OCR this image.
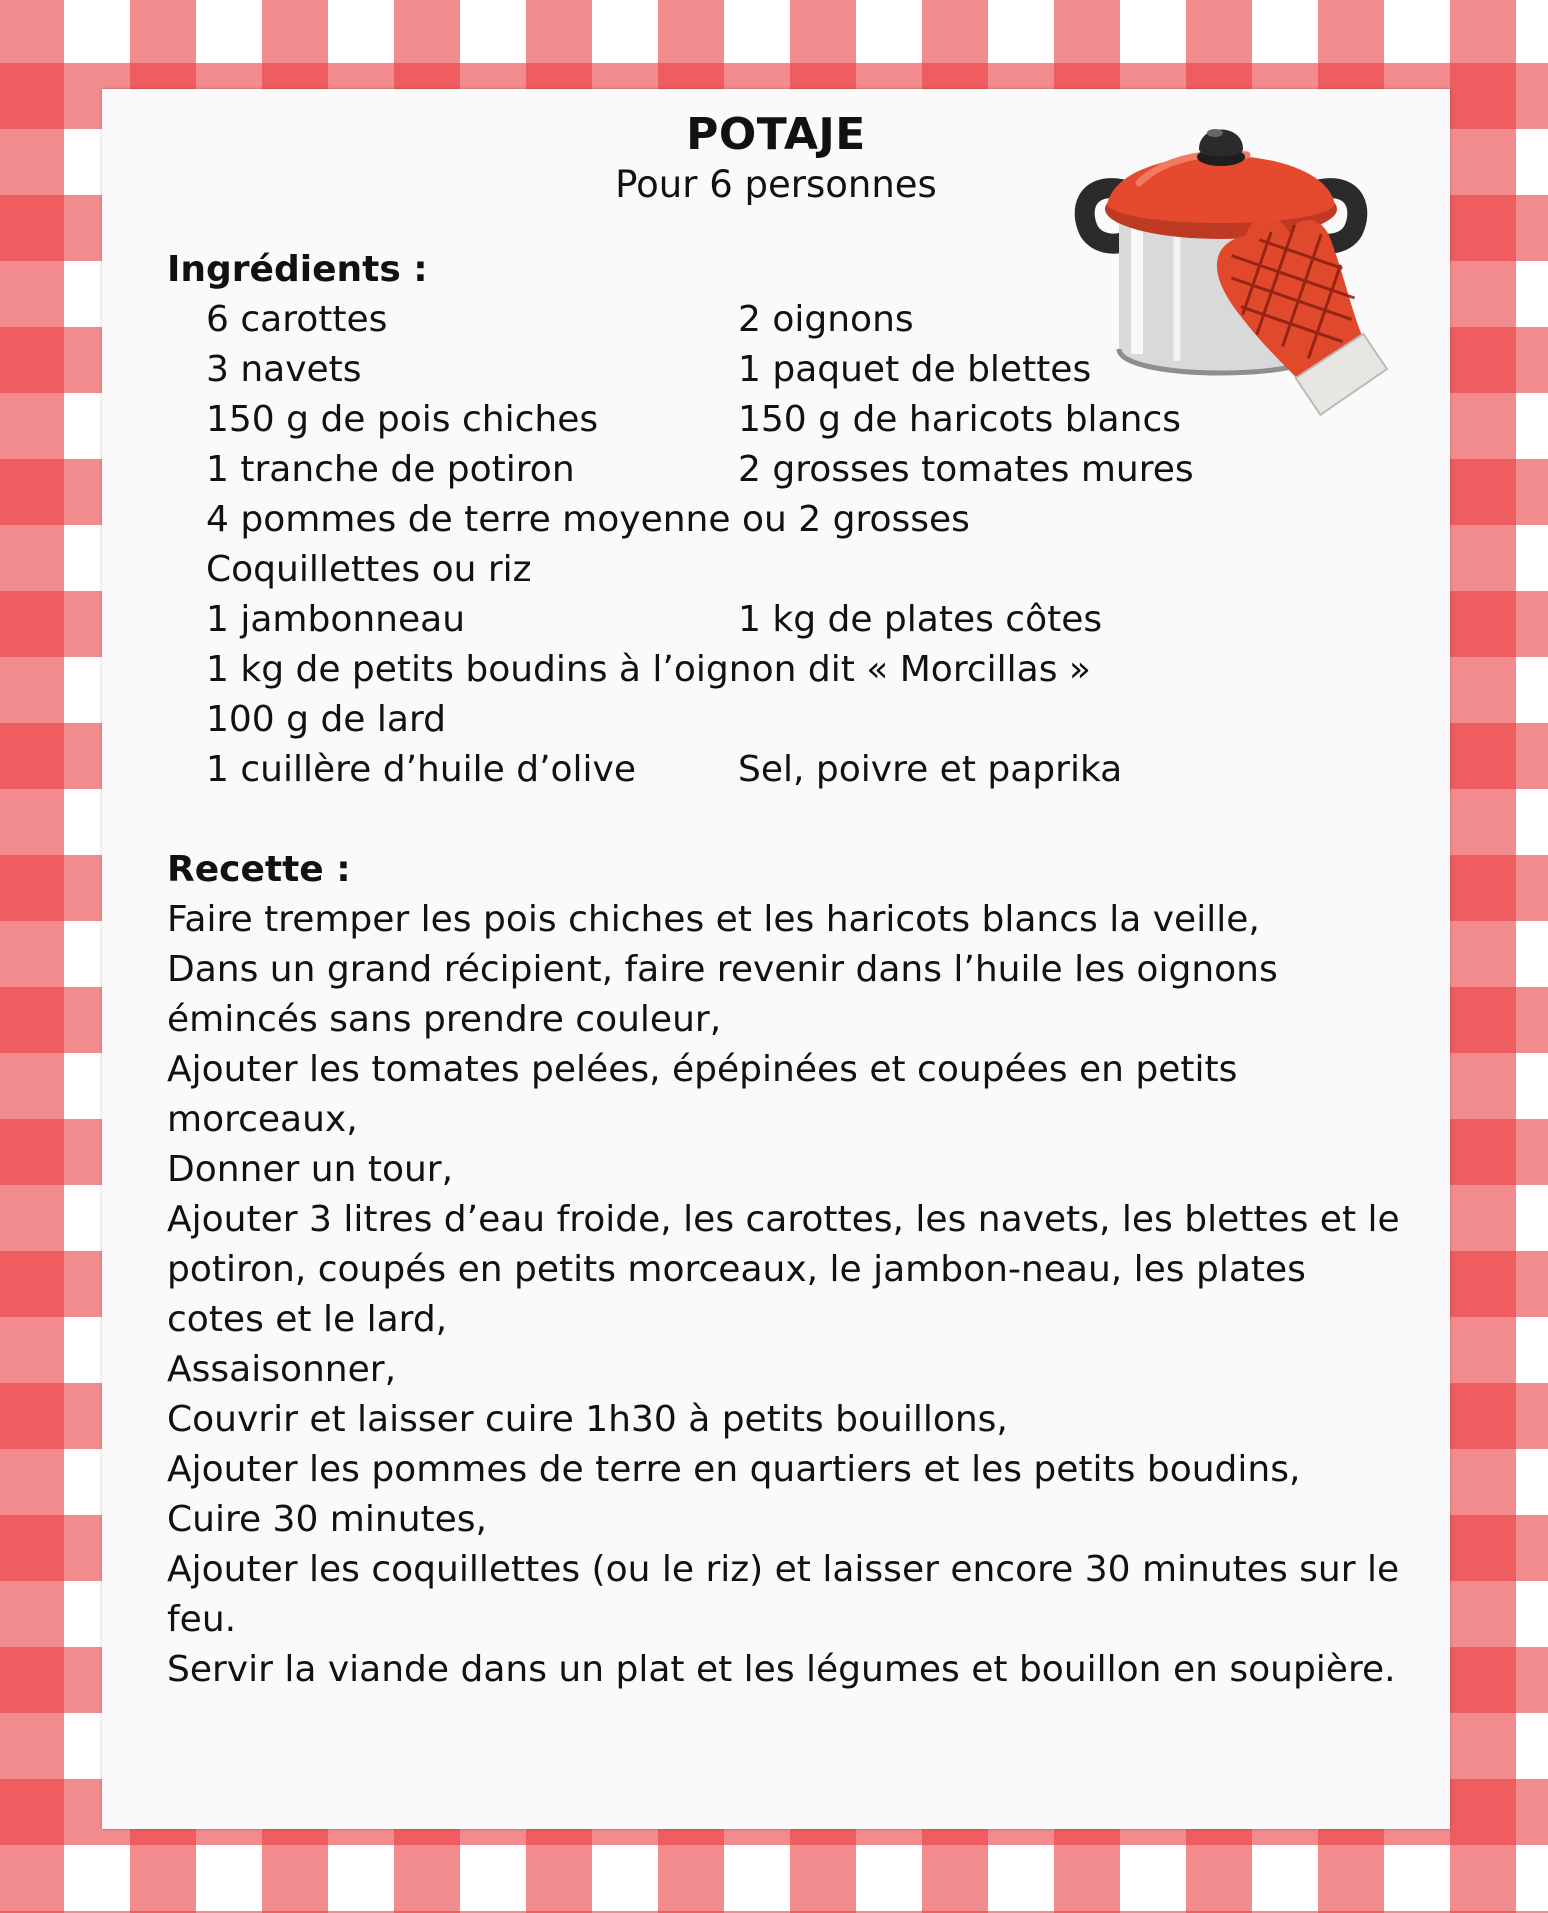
POTAJE
Pour 6 personnes
Ingrédients :
6 carottes	2 oignons
3 navets	1 paquet de blettes
150 g de pois chiches	150 g de haricots blancs
1 tranche de potiron	2 grosses tomates mures
4 pommes de terre moyenne ou 2 grosses
Coquillettes ou riz
1 jambonneau	1 kg de plates côtes
1 kg de petits boudins à l’oignon dit « Morcillas »
100 g de lard
1 cuillère d’huile d’olive	Sel, poivre et paprika
Recette :

Faire tremper les pois chiches et les haricots blancs la veille,

Dans un grand récipient, faire revenir dans l’huile les oignons émincés sans prendre couleur,

Ajouter les tomates pelées, épépinées et coupées en petits morceaux,

Donner un tour,

Ajouter 3 litres d’eau froide, les carottes, les navets, les blettes et le potiron, coupés en petits morceaux, le jambon-neau, les plates cotes et le lard,

Assaisonner,

Couvrir et laisser cuire 1h30 à petits bouillons,

Ajouter les pommes de terre en quartiers et les petits boudins,

Cuire 30 minutes,

Ajouter les coquillettes (ou le riz) et laisser encore 30 minutes sur le feu.

Servir la viande dans un plat et les légumes et bouillon en soupière.
